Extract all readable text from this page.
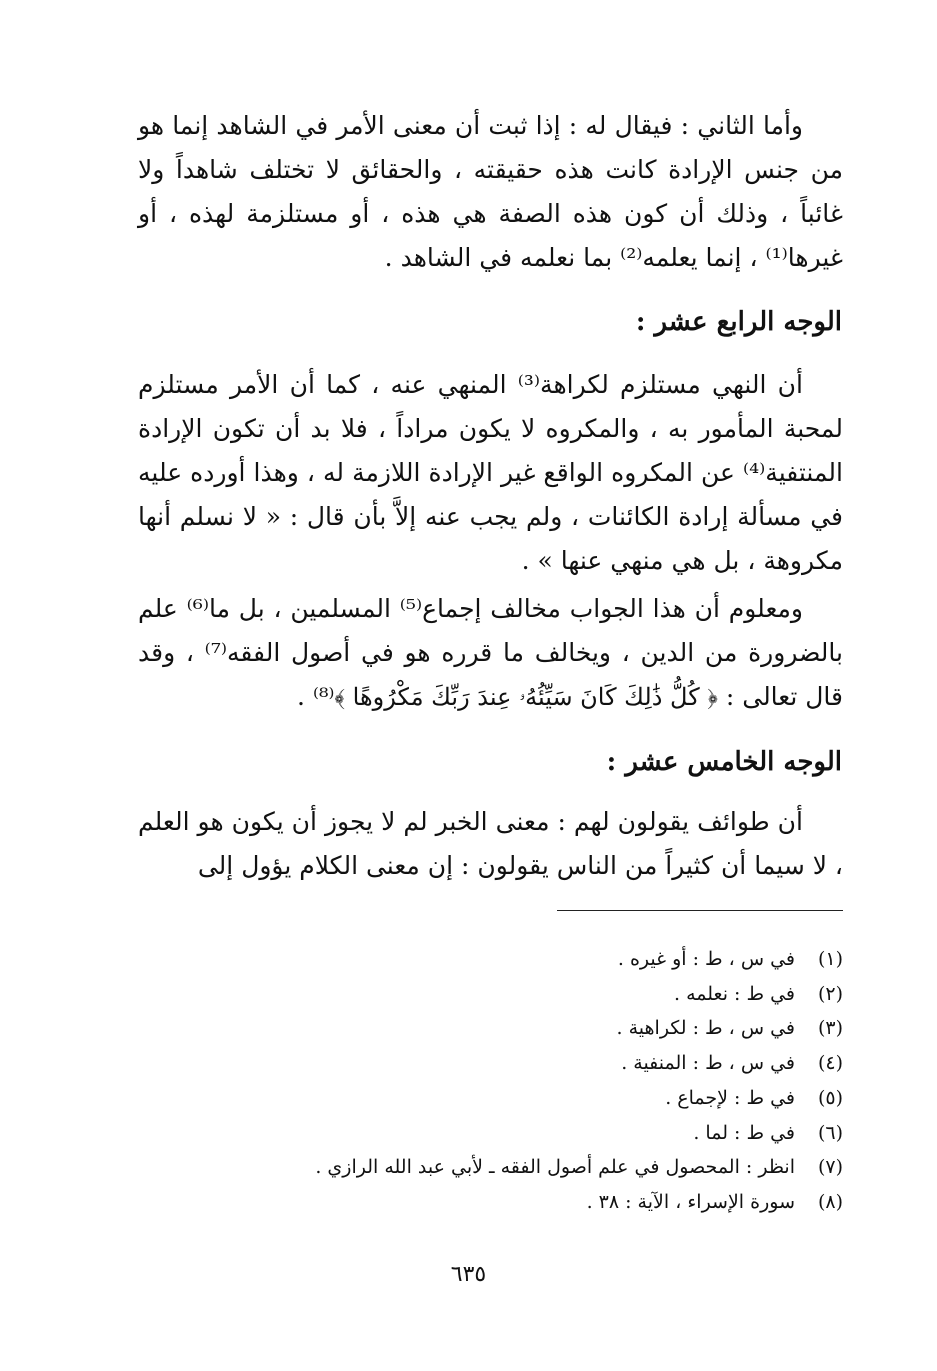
وأما الثاني : فيقال له : إذا ثبت أن معنى الأمر في الشاهد إنما هو من جنس الإرادة كانت هذه حقيقته ، والحقائق لا تختلف شاهداً ولا غائباً ، وذلك أن كون هذه الصفة هي هذه ، أو مستلزمة لهذه ، أو غيرها⁽¹⁾ ، إنما يعلمه⁽²⁾ بما نعلمه في الشاهد .

الوجه الرابع عشر :

أن النهي مستلزم لكراهة⁽³⁾ المنهي عنه ، كما أن الأمر مستلزم لمحبة المأمور به ، والمكروه لا يكون مراداً ، فلا بد أن تكون الإرادة المنتفية⁽⁴⁾ عن المكروه الواقع غير الإرادة اللازمة له ، وهذا أورده عليه في مسألة إرادة الكائنات ، ولم يجب عنه إلاَّ بأن قال : « لا نسلم أنها مكروهة ، بل هي منهي عنها » .

ومعلوم أن هذا الجواب مخالف إجماع⁽⁵⁾ المسلمين ، بل ما⁽⁶⁾ علم بالضرورة من الدين ، ويخالف ما قرره هو في أصول الفقه⁽⁷⁾ ، وقد قال تعالى : ﴿ كُلُّ ذَٰلِكَ كَانَ سَيِّئُهُۥ عِندَ رَبِّكَ مَكْرُوهًا ﴾⁽⁸⁾ .

الوجه الخامس عشر :

أن طوائف يقولون لهم : معنى الخبر لم لا يجوز أن يكون هو العلم ، لا سيما أن كثيراً من الناس يقولون : إن معنى الكلام يؤول إلى

(١)في س ، ط : أو غيره .
(٢)في ط : نعلمه .
(٣)في س ، ط : لكراهية .
(٤)في س ، ط : المنفية .
(٥)في ط : لإجماع .
(٦)في ط : لما .
(٧)انظر : المحصول في علم أصول الفقه ـ لأبي عبد الله الرازي .
(٨)سورة الإسراء ، الآية : ٣٨ .
٦٣٥
